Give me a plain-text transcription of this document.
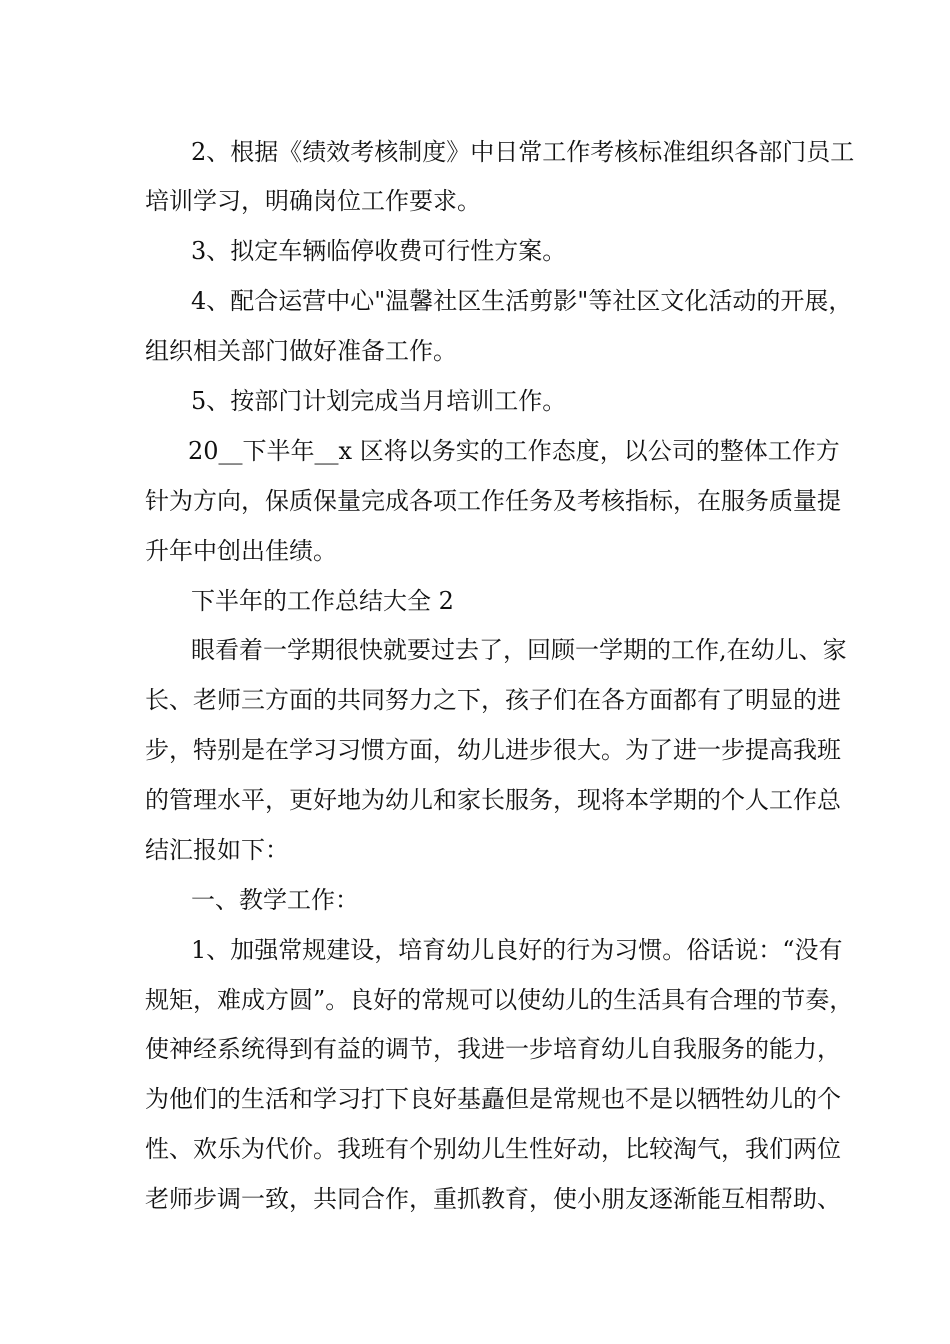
2、根据《绩效考核制度》中日常工作考核标准组织各部门员工
培训学习，明确岗位工作要求。
3、拟定车辆临停收费可行性方案。
4、配合运营中心"温馨社区生活剪影"等社区文化活动的开展，
组织相关部门做好准备工作。
5、按部门计划完成当月培训工作。
20__下半年__x 区将以务实的工作态度，以公司的整体工作方
针为方向，保质保量完成各项工作任务及考核指标，在服务质量提
升年中创出佳绩。
下半年的工作总结大全 2
眼看着一学期很快就要过去了，回顾一学期的工作,在幼儿、家
长、老师三方面的共同努力之下，孩子们在各方面都有了明显的进
步，特别是在学习习惯方面，幼儿进步很大。为了进一步提高我班
的管理水平，更好地为幼儿和家长服务，现将本学期的个人工作总
结汇报如下：
一、教学工作：
1、加强常规建设，培育幼儿良好的行为习惯。俗话说：“没有
规矩，难成方圆”。良好的常规可以使幼儿的生活具有合理的节奏，
使神经系统得到有益的调节，我进一步培育幼儿自我服务的能力，
为他们的生活和学习打下良好基矗但是常规也不是以牺牲幼儿的个
性、欢乐为代价。我班有个别幼儿生性好动，比较淘气，我们两位
老师步调一致，共同合作，重抓教育，使小朋友逐渐能互相帮助、
